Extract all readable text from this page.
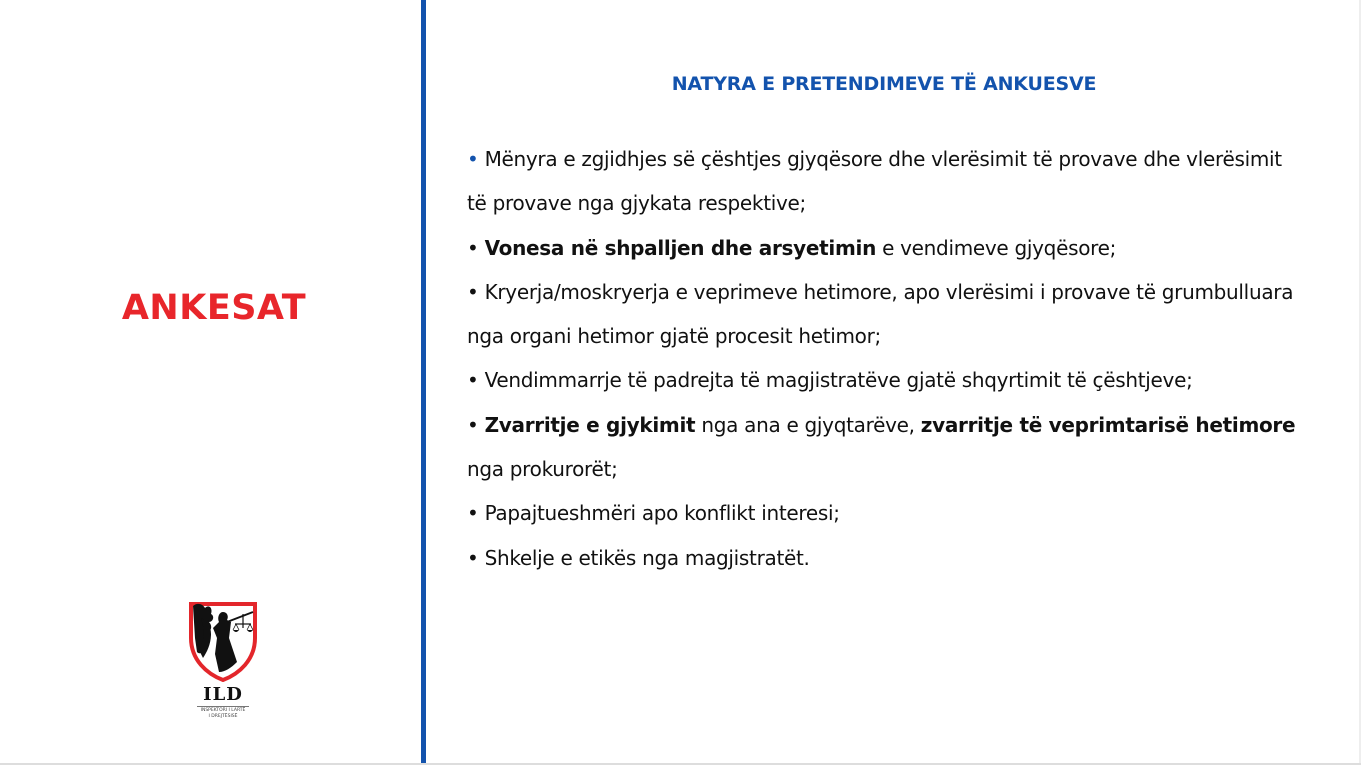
ANKESAT
ILD
INSPEKTORI I LARTË
I DREJTËSISË
NATYRA E PRETENDIMEVE TË ANKUESVE
• Mënyra e zgjidhjes së çështjes gjyqësore dhe vlerësimit të provave dhe vlerësimit të provave nga gjykata respektive;
• Vonesa në shpalljen dhe arsyetimin e vendimeve gjyqësore;
• Kryerja/moskryerja e veprimeve hetimore, apo vlerësimi i provave të grumbulluara nga organi hetimor gjatë procesit hetimor;
• Vendimmarrje të padrejta të magjistratëve gjatë shqyrtimit të çështjeve;
• Zvarritje e gjykimit nga ana e gjyqtarëve, zvarritje të veprimtarisë hetimore nga prokurorët;
• Papajtueshmëri apo konflikt interesi;
• Shkelje e etikës nga magjistratët.
